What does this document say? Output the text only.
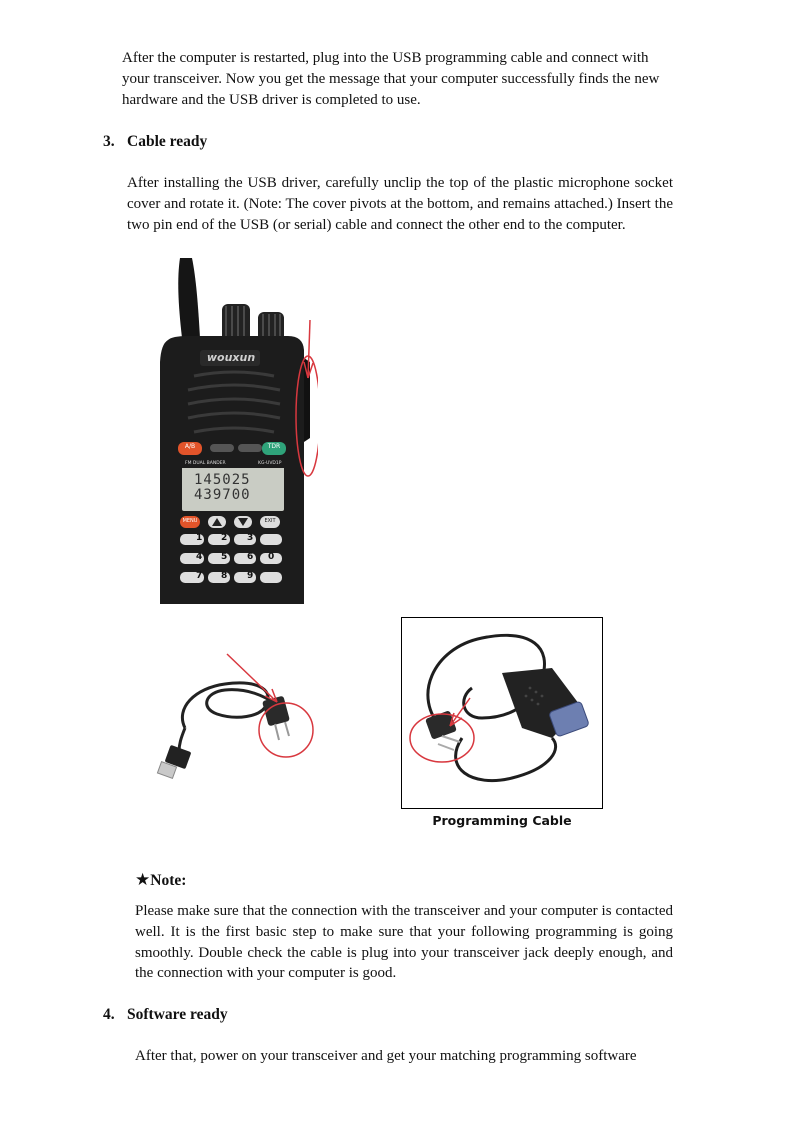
After the computer is restarted, plug into the USB programming cable and connect with your transceiver. Now you get the message that your computer successfully finds the new hardware and the USB driver is completed to use.

3. Cable ready

After installing the USB driver, carefully unclip the top of the plastic microphone socket cover and rotate it. (Note: The cover pivots at the bottom, and remains attached.) Insert the two pin end of the USB (or serial) cable and connect the other end to the computer.

wouxun
A/B	TDR
FM DUAL BANDER	KG-UVD1P
145025
439700
MENU	EXIT
1 2 3
4 5 6 0
7 8 9
Programming Cable
★Note:

Please make sure that the connection with the transceiver and your computer is contacted well. It is the first basic step to make sure that your following programming is going smoothly. Double check the cable is plug into your transceiver jack deeply enough, and the connection with your computer is good.

4. Software ready

After that, power on your transceiver and get your matching programming software
